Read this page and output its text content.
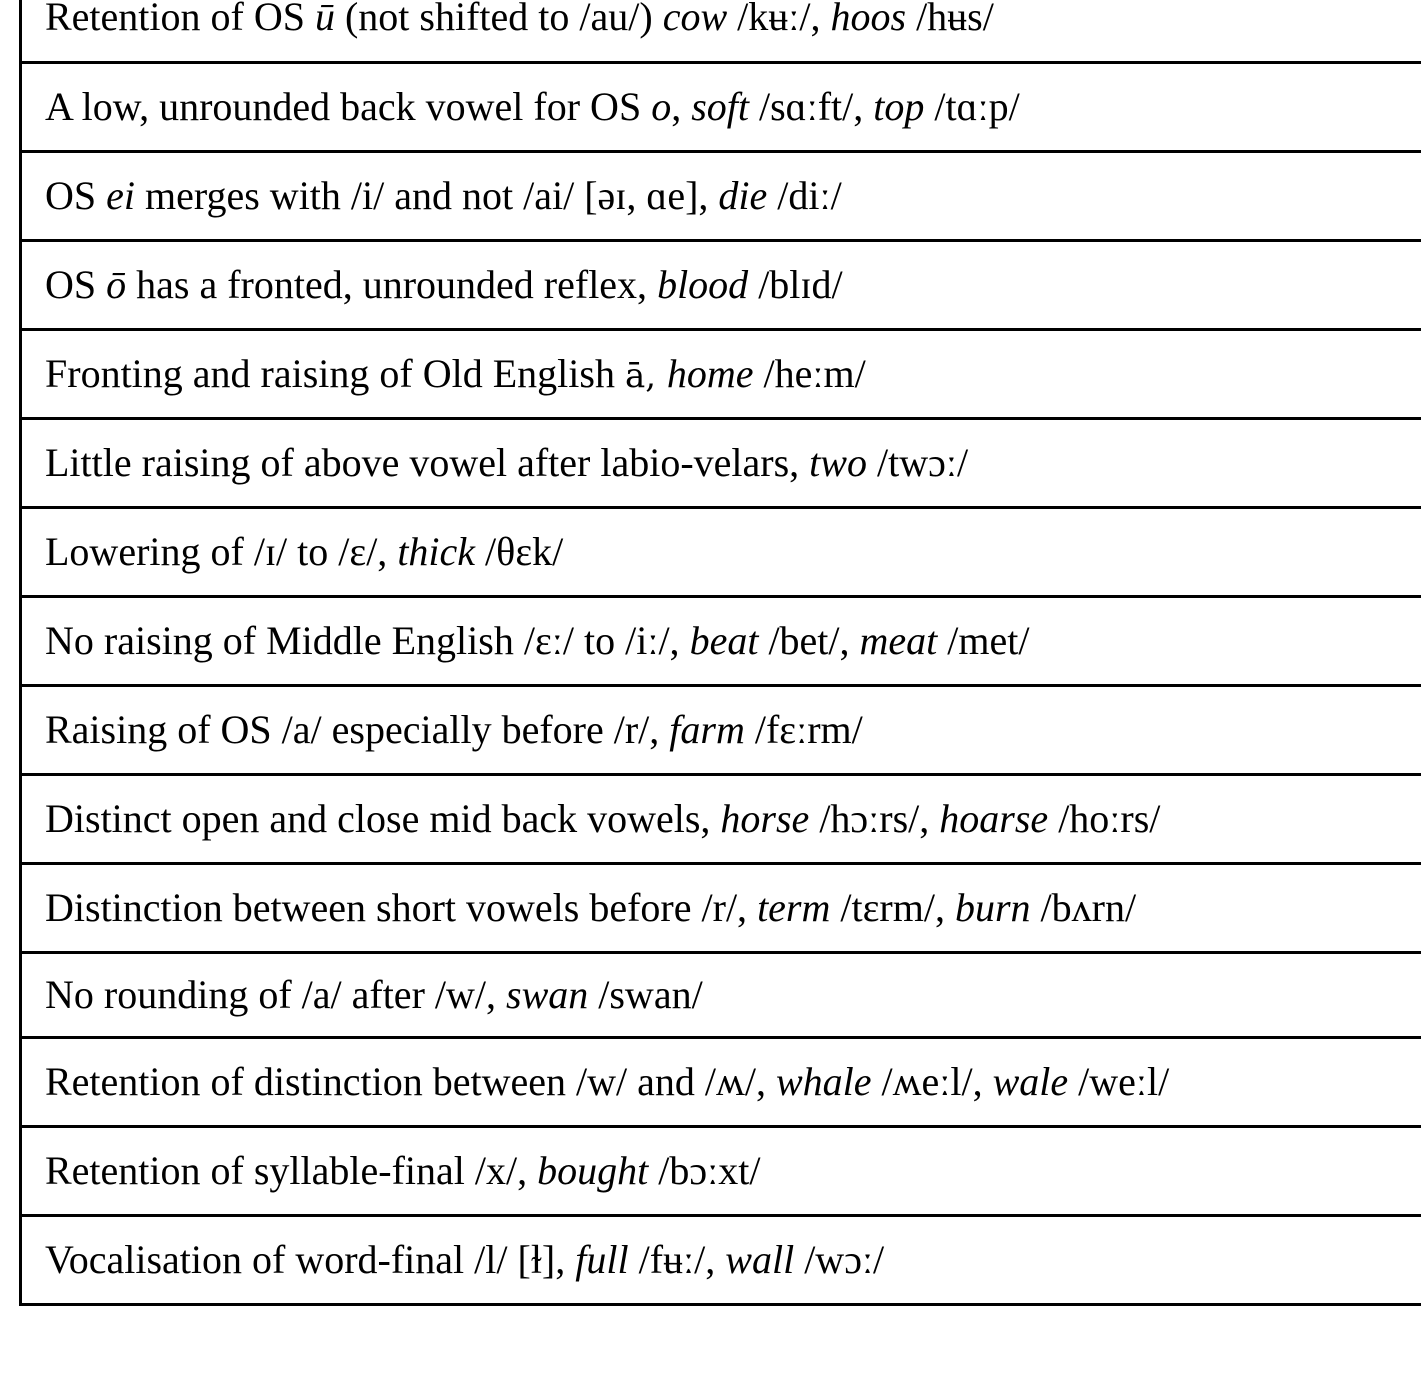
Retention of OS ū (not shifted to /au/) cow /kʉː/, hoos /hʉs/
A low, unrounded back vowel for OS o, soft /sɑːft/, top /tɑːp/
OS ei merges with /i/ and not /ai/ [əɪ, ɑe], die /diː/
OS ō has a fronted, unrounded reflex, blood /blɪd/
Fronting and raising of Old English ā, home /heːm/
Little raising of above vowel after labio-velars, two /twɔː/
Lowering of /ɪ/ to /ɛ/, thick /θɛk/
No raising of Middle English /ɛː/ to /iː/, beat /bet/, meat /met/
Raising of OS /a/ especially before /r/, farm /fɛːrm/
Distinct open and close mid back vowels, horse /hɔːrs/, hoarse /hoːrs/
Distinction between short vowels before /r/, term /tɛrm/, burn /bʌrn/
No rounding of /a/ after /w/, swan /swan/
Retention of distinction between /w/ and /ʍ/, whale /ʍeːl/, wale /weːl/
Retention of syllable-final /x/, bought /bɔːxt/
Vocalisation of word-final /l/ [ɫ], full /fʉː/, wall /wɔː/
